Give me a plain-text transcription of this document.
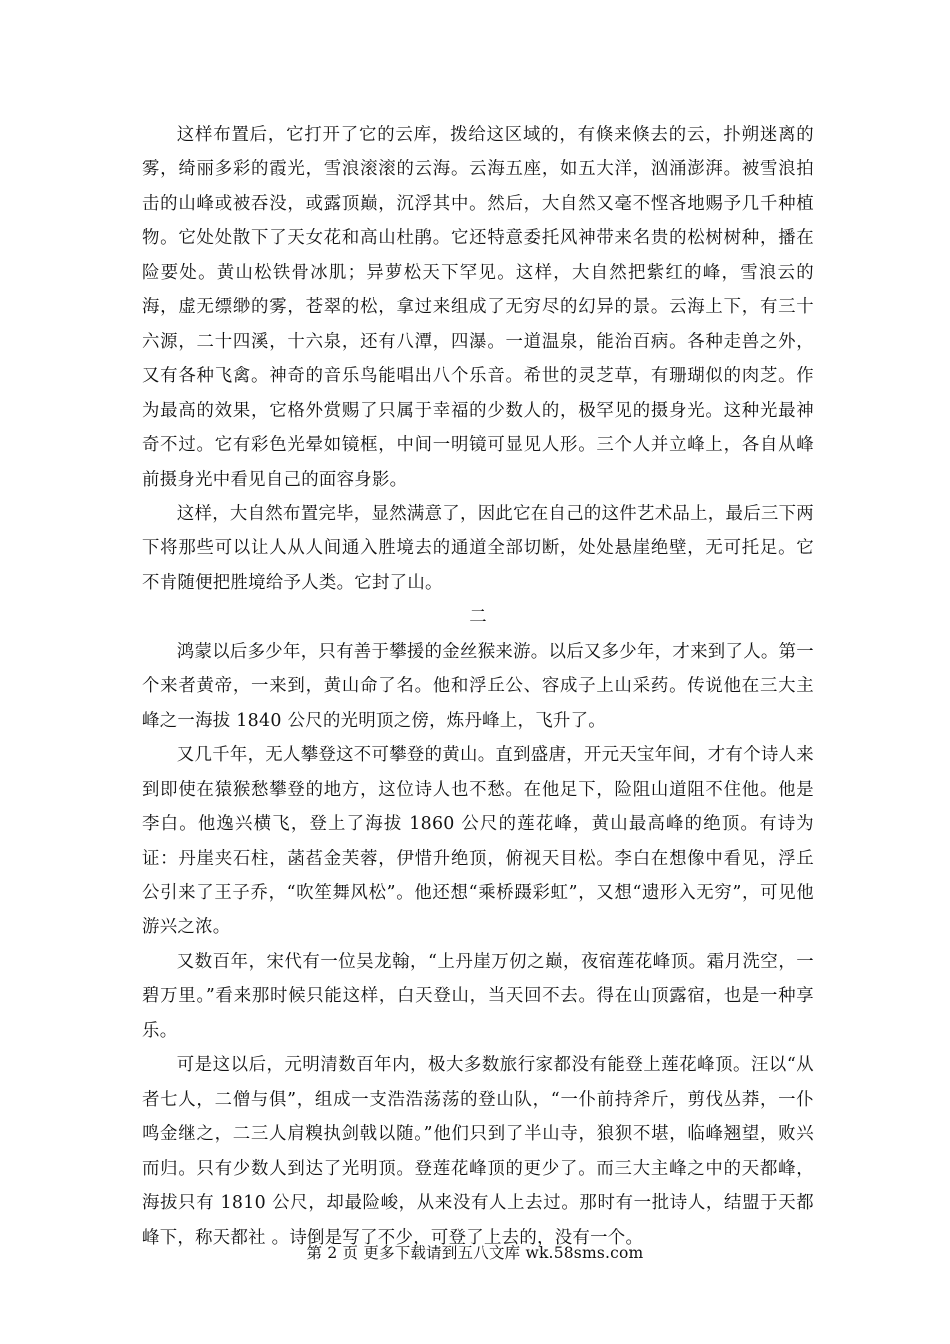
这样布置后，它打开了它的云库，拨给这区域的，有倏来倏去的云，扑朔迷离的雾，绮丽多彩的霞光，雪浪滚滚的云海。云海五座，如五大洋，汹涌澎湃。被雪浪拍击的山峰或被吞没，或露顶巅，沉浮其中。然后，大自然又毫不悭吝地赐予几千种植物。它处处散下了天女花和高山杜鹃。它还特意委托风神带来名贵的松树树种，播在险要处。黄山松铁骨冰肌；异萝松天下罕见。这样，大自然把紫红的峰，雪浪云的海，虚无缥缈的雾，苍翠的松，拿过来组成了无穷尽的幻异的景。云海上下，有三十六源，二十四溪，十六泉，还有八潭，四瀑。一道温泉，能治百病。各种走兽之外，又有各种飞禽。神奇的音乐鸟能唱出八个乐音。希世的灵芝草，有珊瑚似的肉芝。作为最高的效果，它格外赏赐了只属于幸福的少数人的，极罕见的摄身光。这种光最神奇不过。它有彩色光晕如镜框，中间一明镜可显见人形。三个人并立峰上，各自从峰前摄身光中看见自己的面容身影。

这样，大自然布置完毕，显然满意了，因此它在自己的这件艺术品上，最后三下两下将那些可以让人从人间通入胜境去的通道全部切断，处处悬崖绝壁，无可托足。它不肯随便把胜境给予人类。它封了山。

二

鸿蒙以后多少年，只有善于攀援的金丝猴来游。以后又多少年，才来到了人。第一个来者黄帝，一来到，黄山命了名。他和浮丘公、容成子上山采药。传说他在三大主峰之一海拔 1840 公尺的光明顶之傍，炼丹峰上，飞升了。

又几千年，无人攀登这不可攀登的黄山。直到盛唐，开元天宝年间，才有个诗人来到即使在猿猴愁攀登的地方，这位诗人也不愁。在他足下，险阻山道阻不住他。他是李白。他逸兴横飞，登上了海拔 1860 公尺的莲花峰，黄山最高峰的绝顶。有诗为证：丹崖夹石柱，菡萏金芙蓉，伊惜升绝顶，俯视天目松。李白在想像中看见，浮丘公引来了王子乔，“吹笙舞风松”。他还想“乘桥蹑彩虹”，又想“遗形入无穷”，可见他游兴之浓。

又数百年，宋代有一位吴龙翰，“上丹崖万仞之巅，夜宿莲花峰顶。霜月洗空，一碧万里。”看来那时候只能这样，白天登山，当天回不去。得在山顶露宿，也是一种享乐。

可是这以后，元明清数百年内，极大多数旅行家都没有能登上莲花峰顶。汪以“从者七人，二僧与俱”，组成一支浩浩荡荡的登山队，“一仆前持斧斤，剪伐丛莽，一仆鸣金继之，二三人肩糗执剑戟以随。”他们只到了半山寺，狼狈不堪，临峰翘望，败兴而归。只有少数人到达了光明顶。登莲花峰顶的更少了。而三大主峰之中的天都峰，海拔只有 1810 公尺，却最险峻，从来没有人上去过。那时有一批诗人，结盟于天都峰下，称天都社 。诗倒是写了不少，可登了上去的，没有一个。

第 2 页 更多下载请到五八文库 wk.58sms.com
